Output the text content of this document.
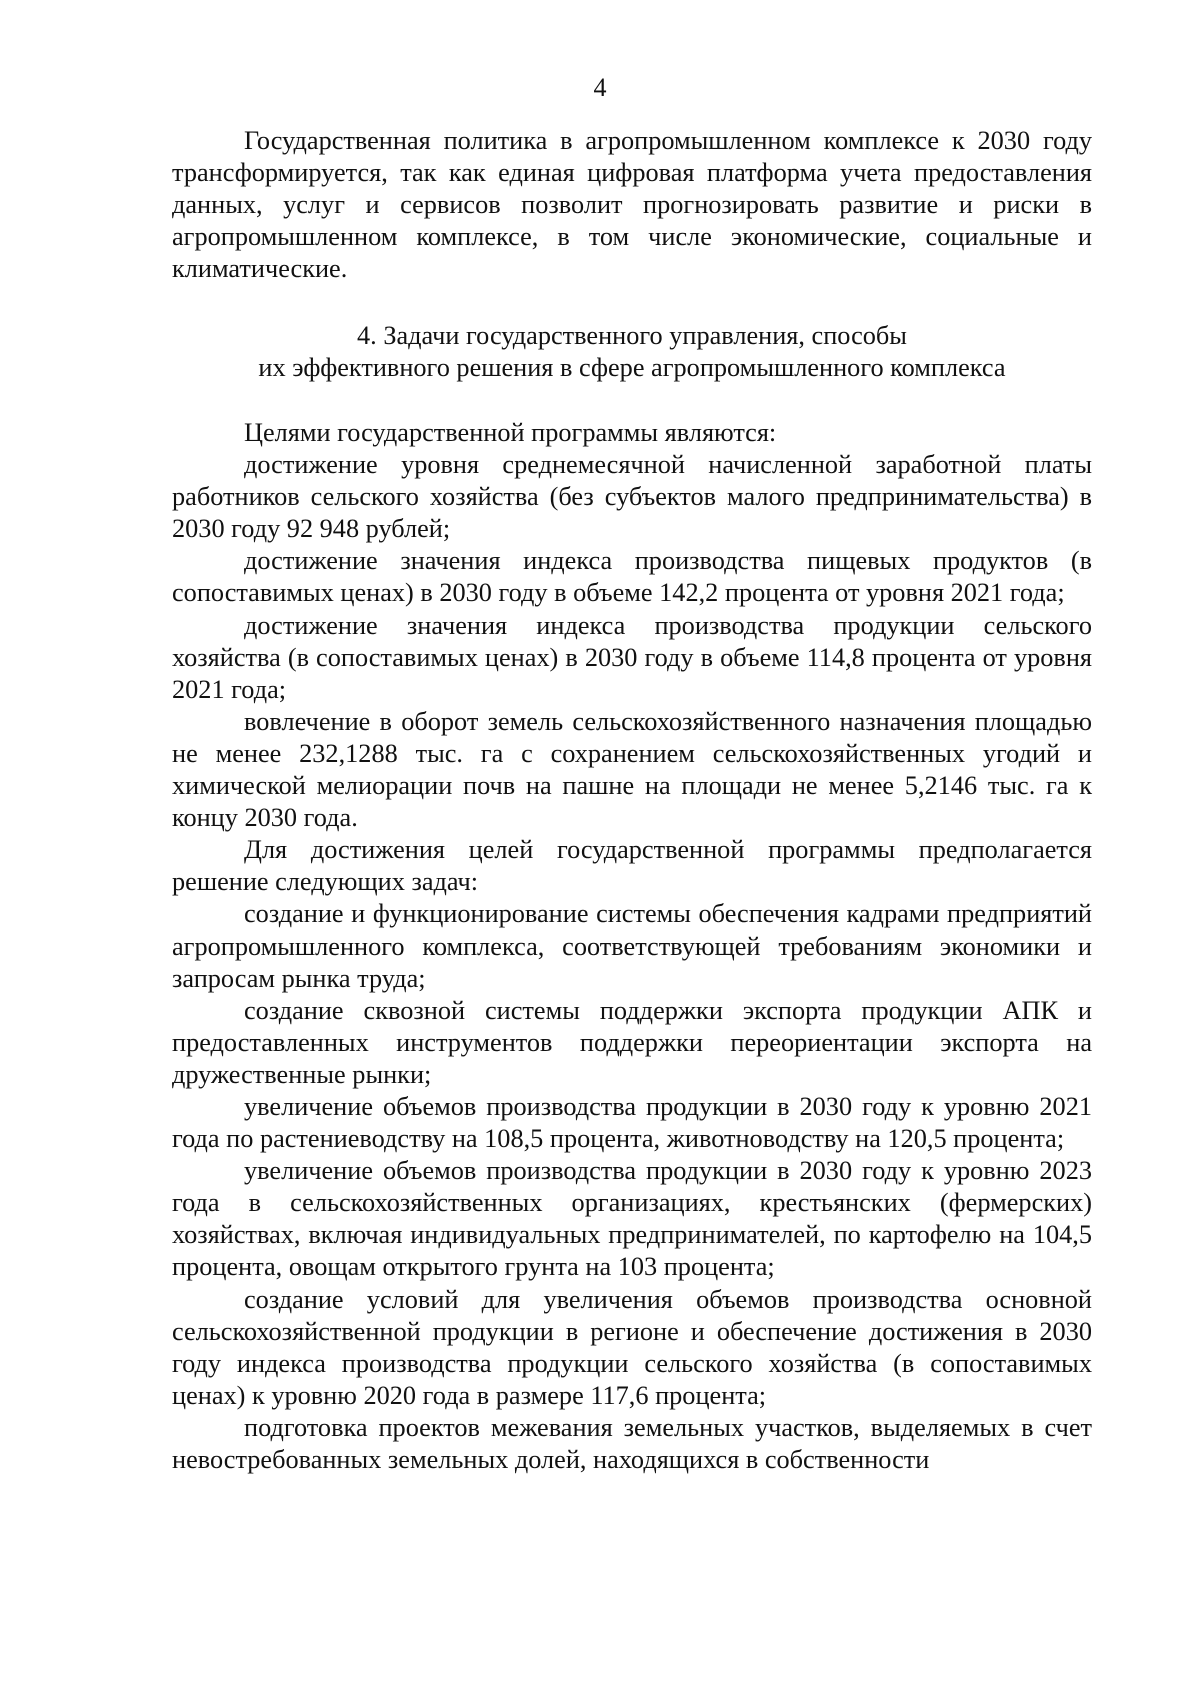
4

Государственная политика в агропромышленном комплексе к 2030 году трансформируется, так как единая цифровая платформа учета предоставления данных, услуг и сервисов позволит прогнозировать развитие и риски в агропромышленном комплексе, в том числе экономические, социальные и климатические.

4. Задачи государственного управления, способы
их эффективного решения в сфере агропромышленного комплекса

Целями государственной программы являются:

достижение уровня среднемесячной начисленной заработной платы работников сельского хозяйства (без субъектов малого предпринимательства) в 2030 году 92 948 рублей;

достижение значения индекса производства пищевых продуктов (в сопоставимых ценах) в 2030 году в объеме 142,2 процента от уровня 2021 года;

достижение значения индекса производства продукции сельского хозяйства (в сопоставимых ценах) в 2030 году в объеме 114,8 процента от уровня 2021 года;

вовлечение в оборот земель сельскохозяйственного назначения площадью не менее 232,1288 тыс. га с сохранением сельскохозяйственных угодий и химической мелиорации почв на пашне на площади не менее 5,2146 тыс. га к концу 2030 года.

Для достижения целей государственной программы предполагается решение следующих задач:

создание и функционирование системы обеспечения кадрами предприятий агропромышленного комплекса, соответствующей требованиям экономики и запросам рынка труда;

создание сквозной системы поддержки экспорта продукции АПК и предоставленных инструментов поддержки переориентации экспорта на дружественные рынки;

увеличение объемов производства продукции в 2030 году к уровню 2021 года по растениеводству на 108,5 процента, животноводству на 120,5 процента;

увеличение объемов производства продукции в 2030 году к уровню 2023 года в сельскохозяйственных организациях, крестьянских (фермерских) хозяйствах, включая индивидуальных предпринимателей, по картофелю на 104,5 процента, овощам открытого грунта на 103 процента;

создание условий для увеличения объемов производства основной сельскохозяйственной продукции в регионе и обеспечение достижения в 2030 году индекса производства продукции сельского хозяйства (в сопоставимых ценах) к уровню 2020 года в размере 117,6 процента;

подготовка проектов межевания земельных участков, выделяемых в счет невостребованных земельных долей, находящихся в собственности
